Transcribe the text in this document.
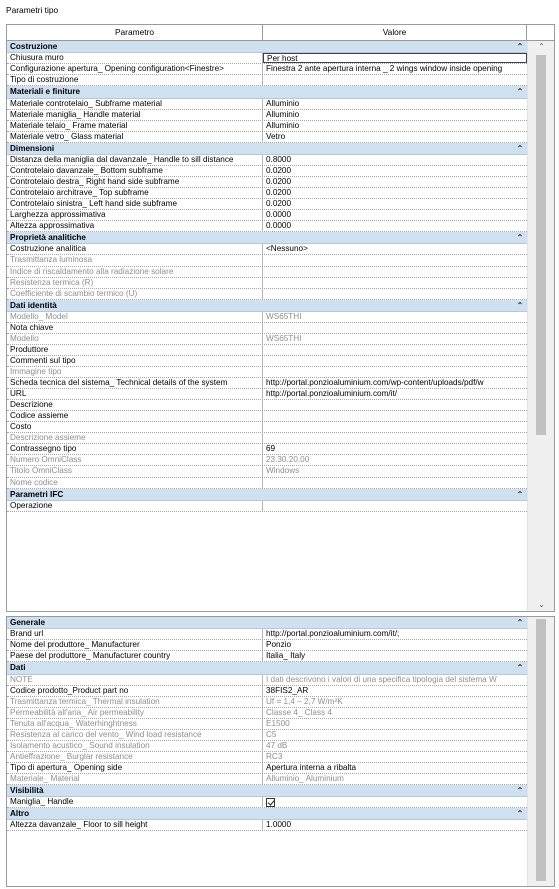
Parametri tipo
Parametro	Valore
Costruzione	⌃
Chiusura muro	Per host
Configurazione apertura_ Opening configuration<Finestre>	Finestra 2 ante apertura interna _ 2 wings window inside opening
Tipo di costruzione
Materiali e finiture	⌃
Materiale controtelaio_ Subframe material	Alluminio
Materiale maniglia_ Handle material	Alluminio
Materiale telaio_ Frame material	Alluminio
Materiale vetro_ Glass material	Vetro
Dimensioni	⌃
Distanza della maniglia dal davanzale_ Handle to sill distance	0.8000
Controtelaio davanzale_ Bottom subframe	0.0200
Controtelaio destra_ Right hand side subframe	0.0200
Controtelaio architrave_ Top subframe	0.0200
Controtelaio sinistra_ Left hand side subframe	0.0200
Larghezza approssimativa	0.0000
Altezza approssimativa	0.0000
Proprietà analitiche	⌃
Costruzione analitica	<Nessuno>
Trasmittanza luminosa
Indice di riscaldamento alla radiazione solare
Resistenza termica (R)
Coefficiente di scambio termico (U)
Dati identità	⌃
Modello_ Model	WS65THI
Nota chiave
Modello	WS65THI
Produttore
Commenti sul tipo
Immagine tipo
Scheda tecnica del sistema_ Technical details of the system	http://portal.ponzioaluminium.com/wp-content/uploads/pdf/w
URL	http://portal.ponzioaluminium.com/it/
Descrizione
Codice assieme
Costo
Descrizione assieme
Contrassegno tipo	69
Numero OmniClass	23.30.20.00
Titolo OmniClass	Windows
Nome codice
Parametri IFC	⌃
Operazione
⌃
⌄
Generale	⌃
Brand url	http://portal.ponzioaluminium.com/it/;
Nome del produttore_ Manufacturer	Ponzio
Paese del produttore_ Manufacturer country	Italia_ Italy
Dati	⌃
NOTE	I dati descrivono i valori di una specifica tipologia del sistema W
Codice prodotto_Product part no	38FIS2_AR
Trasmittanza termica_ Thermal insulation	Uf = 1,4 – 2,7 W/m²K
Permeabilità all'aria_ Air permeability	Classe 4_ Class 4
Tenuta all'acqua_ Waterhinghtness	E1500
Resistenza al carico del vento_ Wind load resistance	C5
Isolamento acustico_ Sound insulation	47 dB
Antieffrazione_ Burglar resistance	RC3
Tipo di apertura_ Opening side	Apertura interna a ribalta
Materiale_ Material	Alluminio_ Aluminium
Visibilità	⌃
Maniglia_ Handle
Altro	⌃
Altezza davanzale_ Floor to sill height	1.0000
